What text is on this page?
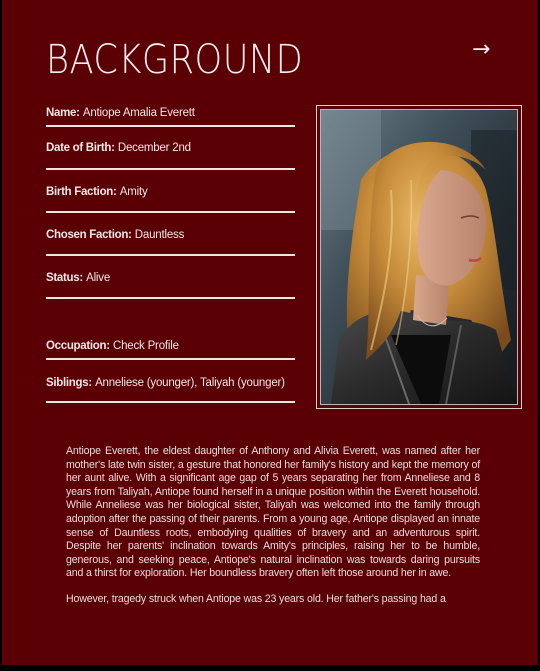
BACKGROUND	→
Name: Antiope Amalia Everett
Date of Birth: December 2nd
Birth Faction: Amity
Chosen Faction: Dauntless
Status: Alive
Occupation: Check Profile
Siblings: Anneliese (younger), Taliyah (younger)

Antiope Everett, the eldest daughter of Anthony and Alivia Everett, was named after her mother's late twin sister, a gesture that honored her family's history and kept the memory of her aunt alive. With a significant age gap of 5 years separating her from Anneliese and 8 years from Taliyah, Antiope found herself in a unique position within the Everett household. While Anneliese was her biological sister, Taliyah was welcomed into the family through adoption after the passing of their parents. From a young age, Antiope displayed an innate sense of Dauntless roots, embodying qualities of bravery and an adventurous spirit. Despite her parents' inclination towards Amity's principles, raising her to be humble, generous, and seeking peace, Antiope's natural inclination was towards daring pursuits and a thirst for exploration. Her boundless bravery often left those around her in awe.

However, tragedy struck when Antiope was 23 years old. Her father's passing had a
